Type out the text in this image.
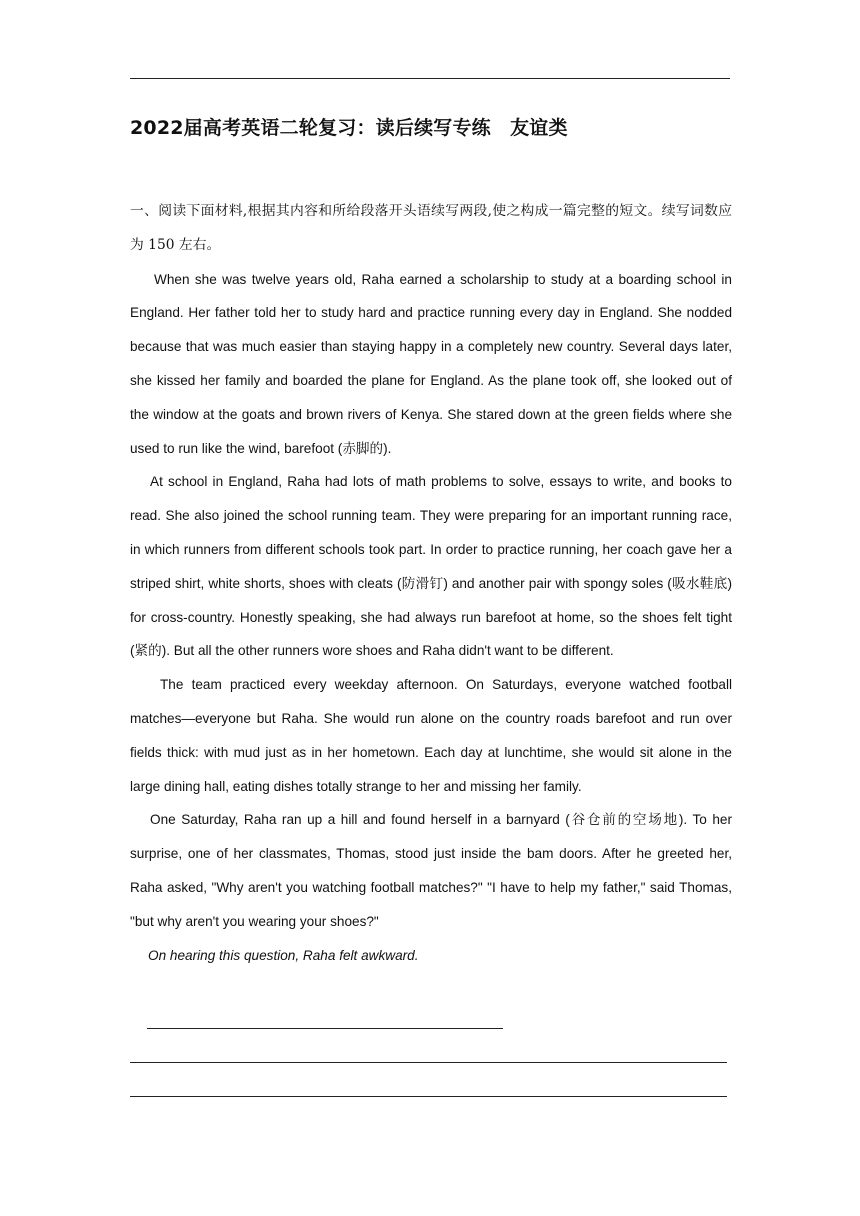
2022届高考英语二轮复习：读后续写专练　友谊类

一、阅读下面材料,根据其内容和所给段落开头语续写两段,使之构成一篇完整的短文。续写词数应为 150 左右。

When she was twelve years old, Raha earned a scholarship to study at a boarding school in England. Her father told her to study hard and practice running every day in England. She nodded because that was much easier than staying happy in a completely new country. Several days later, she kissed her family and boarded the plane for England. As the plane took off, she looked out of the window at the goats and brown rivers of Kenya. She stared down at the green fields where she used to run like the wind, barefoot (赤脚的).

At school in England, Raha had lots of math problems to solve, essays to write, and books to read. She also joined the school running team. They were preparing for an important running race, in which runners from different schools took part. In order to practice running, her coach gave her a striped shirt, white shorts, shoes with cleats (防滑钉) and another pair with spongy soles (吸水鞋底) for cross-country. Honestly speaking, she had always run barefoot at home, so the shoes felt tight (紧的). But all the other runners wore shoes and Raha didn't want to be different.

The team practiced every weekday afternoon. On Saturdays, everyone watched football matches—everyone but Raha. She would run alone on the country roads barefoot and run over fields thick: with mud just as in her hometown. Each day at lunchtime, she would sit alone in the large dining hall, eating dishes totally strange to her and missing her family.

One Saturday, Raha ran up a hill and found herself in a barnyard (谷仓前的空场地). To her surprise, one of her classmates, Thomas, stood just inside the bam doors. After he greeted her, Raha asked, "Why aren't you watching football matches?" "I have to help my father," said Thomas, "but why aren't you wearing your shoes?"

On hearing this question, Raha felt awkward.
